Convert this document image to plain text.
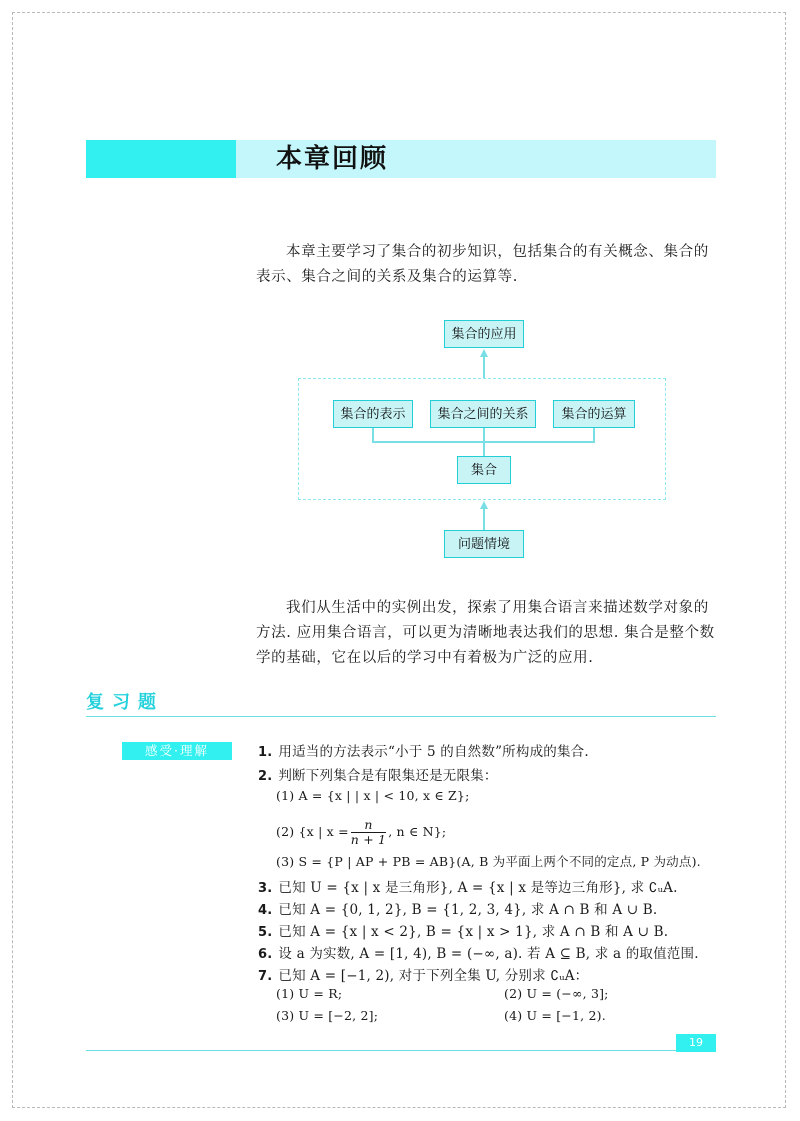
本章回顾

本章主要学习了集合的初步知识，包括集合的有关概念、集合的表示、集合之间的关系及集合的运算等.

集合的应用
集合的表示	集合之间的关系	集合的运算
集合
问题情境

我们从生活中的实例出发，探索了用集合语言来描述数学对象的方法. 应用集合语言，可以更为清晰地表达我们的思想. 集合是整个数学的基础，它在以后的学习中有着极为广泛的应用.

复习题
感受·理解	1. 用适当的方法表示“小于 5 的自然数”所构成的集合.
2. 判断下列集合是有限集还是无限集：
(1) A = {x | | x | < 10, x ∈ Z};
(2) {x | $x = \frac{n}{n + 1}$ , n ∈ N};
(3) S = {P | AP + PB = AB}(A, B 为平面上两个不同的定点, P 为动点).
3. 已知 U = {x | x 是三角形}, A = {x | x 是等边三角形}, 求 ∁ᵤA.
4. 已知 A = {0, 1, 2}, B = {1, 2, 3, 4}, 求 A ∩ B 和 A ∪ B.
5. 已知 A = {x | x < 2}, B = {x | x > 1}, 求 A ∩ B 和 A ∪ B.
6. 设 a 为实数, A = [1, 4), B = (−∞, a). 若 A ⊆ B, 求 a 的取值范围.
7. 已知 A = [−1, 2), 对于下列全集 U, 分别求 ∁ᵤA：
(1) U = R;	(2) U = (−∞, 3];
(3) U = [−2, 2];	(4) U = [−1, 2).
19
